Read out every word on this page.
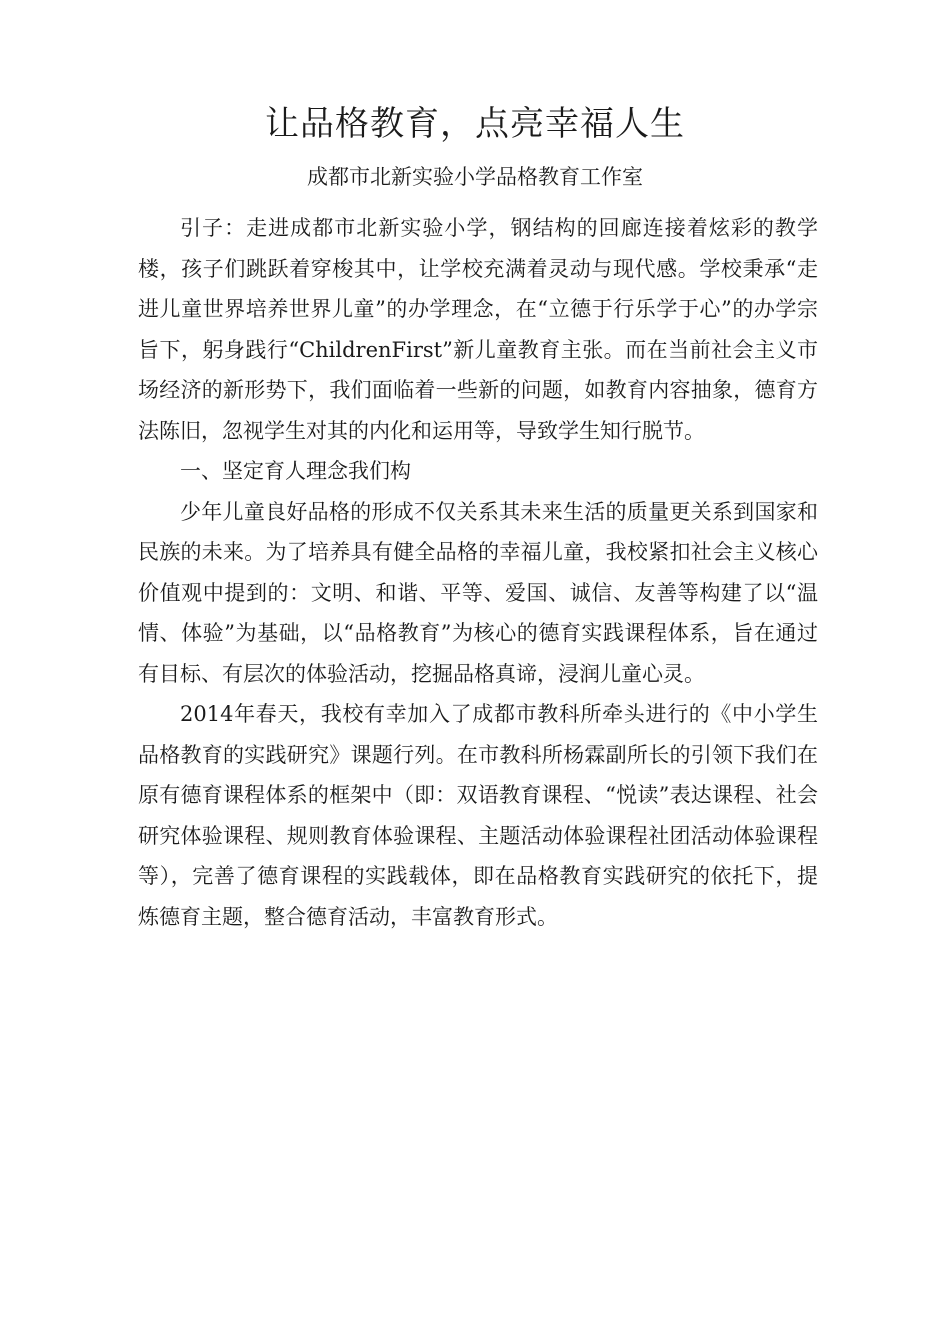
让品格教育，点亮幸福人生
成都市北新实验小学品格教育工作室

引子：走进成都市北新实验小学，钢结构的回廊连接着炫彩的教学楼，孩子们跳跃着穿梭其中，让学校充满着灵动与现代感。学校秉承“走进儿童世界培养世界儿童”的办学理念，在“立德于行乐学于心”的办学宗旨下，躬身践行“ChildrenFirst”新儿童教育主张。而在当前社会主义市场经济的新形势下，我们面临着一些新的问题，如教育内容抽象，德育方法陈旧，忽视学生对其的内化和运用等，导致学生知行脱节。

一、坚定育人理念我们构

少年儿童良好品格的形成不仅关系其未来生活的质量更关系到国家和民族的未来。为了培养具有健全品格的幸福儿童，我校紧扣社会主义核心价值观中提到的：文明、和谐、平等、爱国、诚信、友善等构建了以“温情、体验”为基础，以“品格教育”为核心的德育实践课程体系，旨在通过有目标、有层次的体验活动，挖掘品格真谛，浸润儿童心灵。

2014年春天，我校有幸加入了成都市教科所牵头进行的《中小学生品格教育的实践研究》课题行列。在市教科所杨霖副所长的引领下我们在原有德育课程体系的框架中（即：双语教育课程、“悦读”表达课程、社会研究体验课程、规则教育体验课程、主题活动体验课程社团活动体验课程等），完善了德育课程的实践载体，即在品格教育实践研究的依托下，提炼德育主题，整合德育活动，丰富教育形式。
